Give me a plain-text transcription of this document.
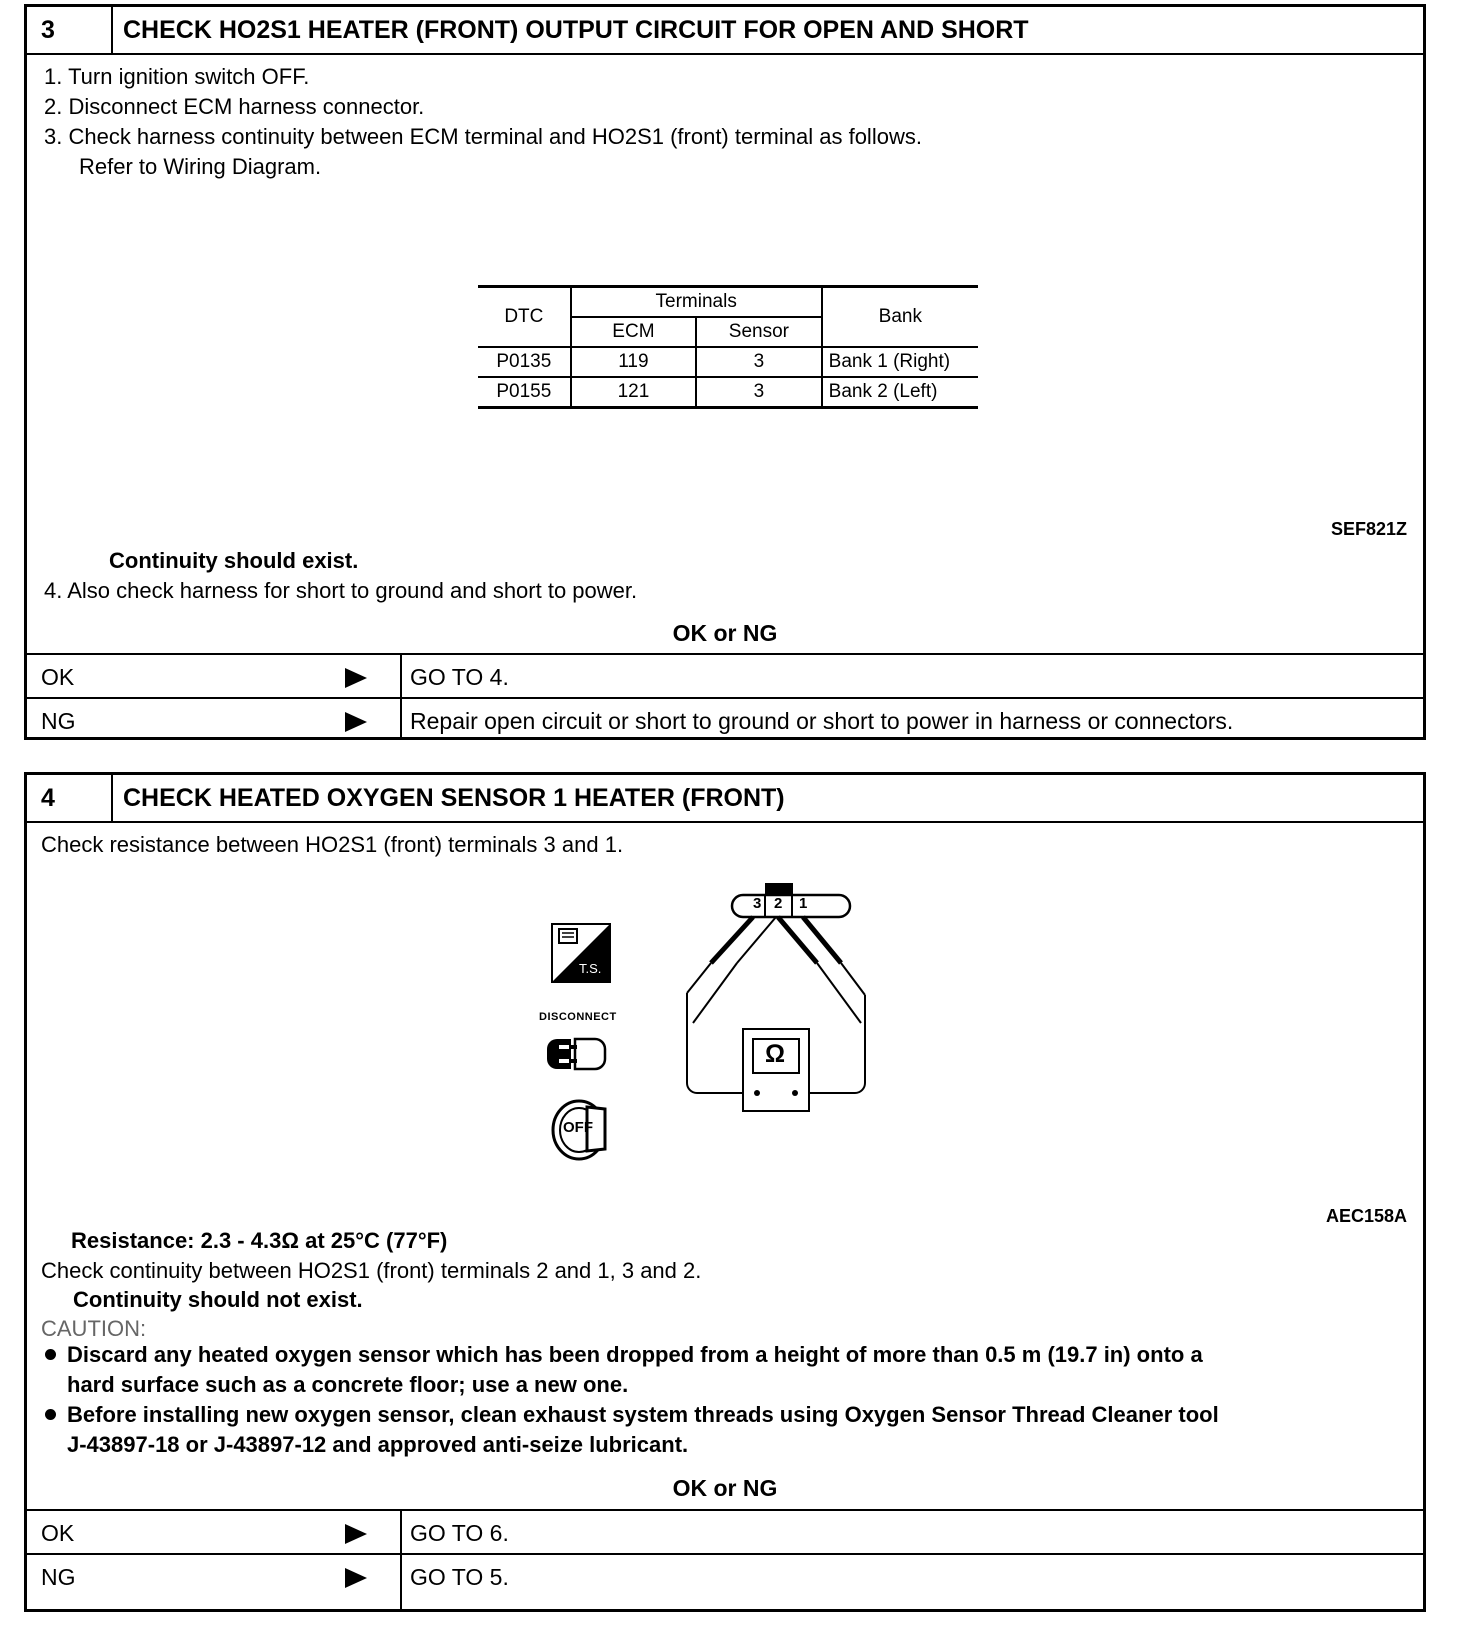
3	CHECK HO2S1 HEATER (FRONT) OUTPUT CIRCUIT FOR OPEN AND SHORT
1. Turn ignition switch OFF.
2. Disconnect ECM harness connector.
3. Check harness continuity between ECM terminal and HO2S1 (front) terminal as follows.
Refer to Wiring Diagram.
DTC	Terminals		Bank
	ECM	Sensor	
P0135	119	3	Bank 1 (Right)
P0155	121	3	Bank 2 (Left)
SEF821Z
Continuity should exist.
4. Also check harness for short to ground and short to power.
OK or NG
OK	GO TO 4.
NG	Repair open circuit or short to ground or short to power in harness or connectors.
4	CHECK HEATED OXYGEN SENSOR 1 HEATER (FRONT)
Check resistance between HO2S1 (front) terminals 3 and 1.
T.S.
DISCONNECT
OFF
3 2 1
Ω
AEC158A
Resistance: 2.3 - 4.3Ω at 25°C (77°F)
Check continuity between HO2S1 (front) terminals 2 and 1, 3 and 2.
Continuity should not exist.
CAUTION:
Discard any heated oxygen sensor which has been dropped from a height of more than 0.5 m (19.7 in) onto a
hard surface such as a concrete floor; use a new one.
Before installing new oxygen sensor, clean exhaust system threads using Oxygen Sensor Thread Cleaner tool
J-43897-18 or J-43897-12 and approved anti-seize lubricant.
OK or NG
OK	GO TO 6.
NG	GO TO 5.
